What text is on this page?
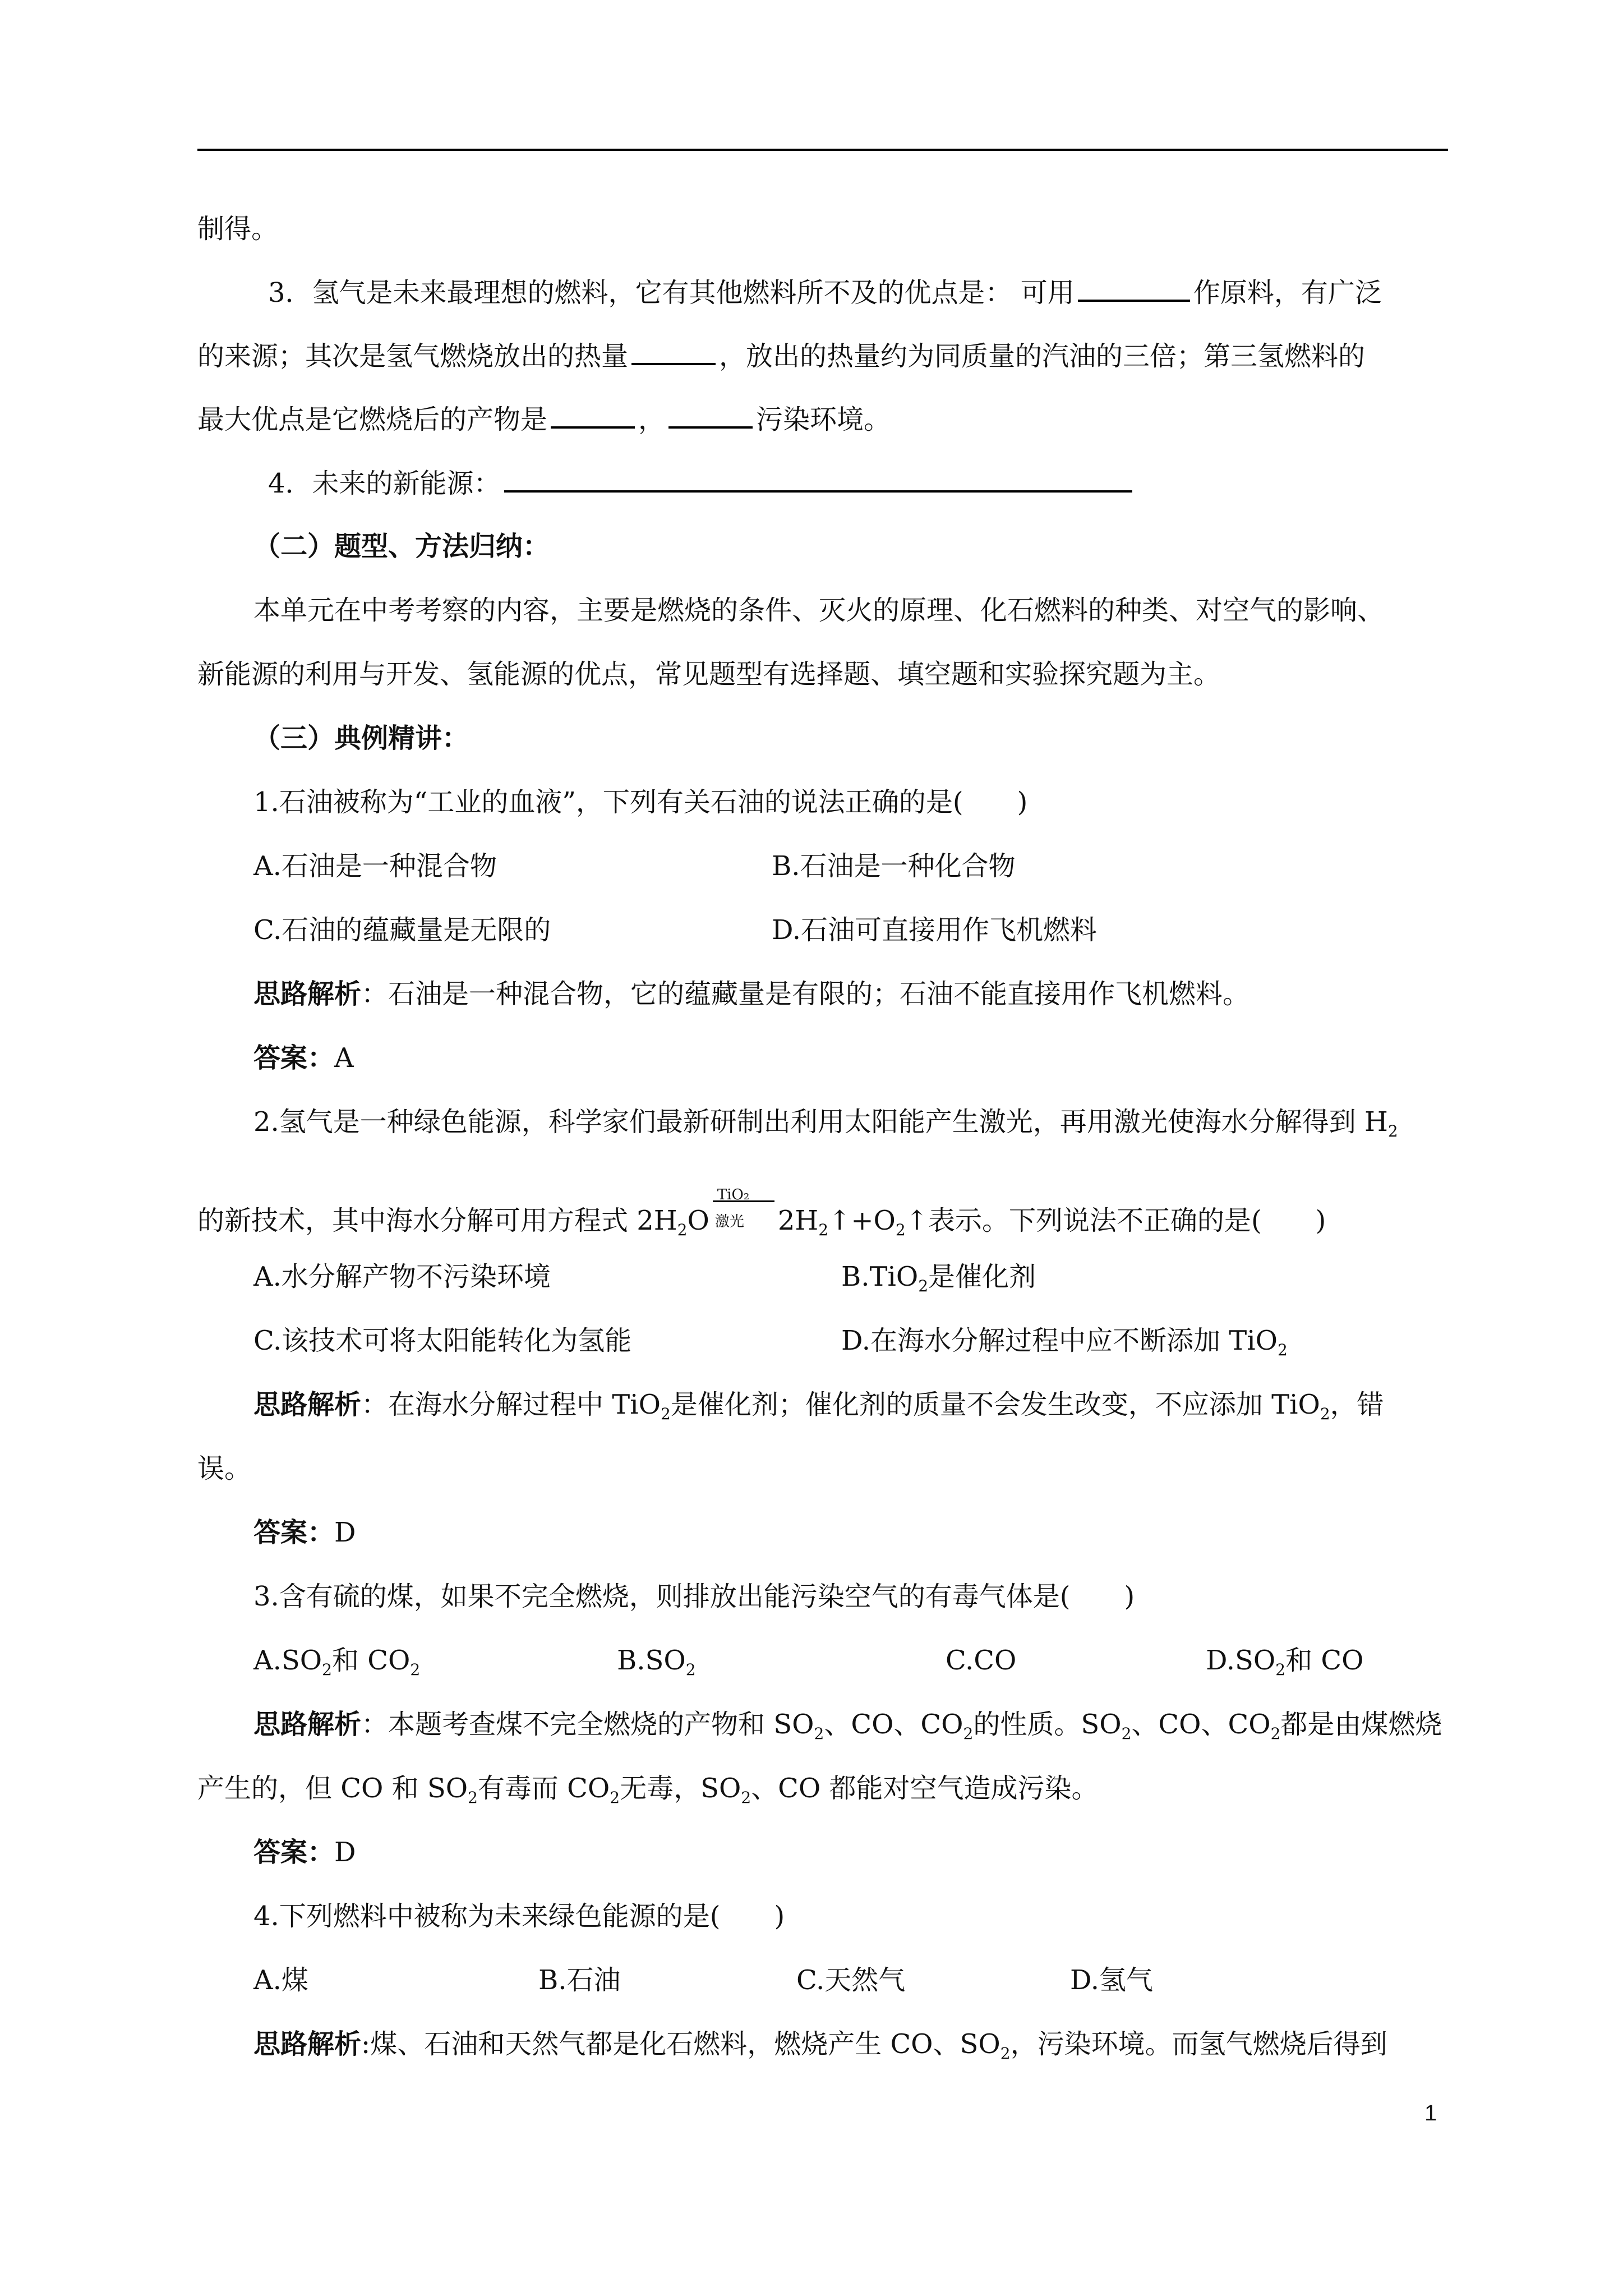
制得。
3．氢气是未来最理想的燃料，它有其他燃料所不及的优点是： 可用	作原料，有广泛
的来源；其次是氢气燃烧放出的热量	，放出的热量约为同质量的汽油的三倍；第三氢燃料的
最大优点是它燃烧后的产物是	，	污染环境。
4．未来的新能源：
（二）题型、方法归纳：
本单元在中考考察的内容，主要是燃烧的条件、灭火的原理、化石燃料的种类、对空气的影响、
新能源的利用与开发、氢能源的优点，常见题型有选择题、填空题和实验探究题为主。
（三）典例精讲：
1.石油被称为“工业的血液”，下列有关石油的说法正确的是(　　)
A.石油是一种混合物	B.石油是一种化合物
C.石油的蕴藏量是无限的	D.石油可直接用作飞机燃料
思路解析：石油是一种混合物，它的蕴藏量是有限的；石油不能直接用作飞机燃料。
答案：A
2.氢气是一种绿色能源，科学家们最新研制出利用太阳能产生激光，再用激光使海水分解得到 $H_2$
的新技术，其中海水分解可用方程式 $2H_2O$
TiO₂
激光 $2H_2↑+O_2↑$表示。下列说法不正确的是(　　)
A.水分解产物不污染环境	B.TiO$_2$是催化剂
C.该技术可将太阳能转化为氢能	D.在海水分解过程中应不断添加 TiO$_2$
思路解析：在海水分解过程中 TiO$_2$是催化剂；催化剂的质量不会发生改变，不应添加 TiO$_2$，错
误。
答案：D
3.含有硫的煤，如果不完全燃烧，则排放出能污染空气的有毒气体是(　　)
$A.SO_2$和 $CO_2$	$B.SO_2$	C.CO	$D.SO_2$和 CO
思路解析：本题考查煤不完全燃烧的产物和 $SO_2$、CO、$CO_2$的性质。$SO_2$、CO、$CO_2$都是由煤燃烧
产生的，但 CO 和 $SO_2$有毒而 $CO_2$无毒，$SO_2$、CO 都能对空气造成污染。
答案：D
4.下列燃料中被称为未来绿色能源的是(　　)
A.煤	B.石油	C.天然气	D.氢气
思路解析:煤、石油和天然气都是化石燃料，燃烧产生 CO、$SO_2$，污染环境。而氢气燃烧后得到
1
